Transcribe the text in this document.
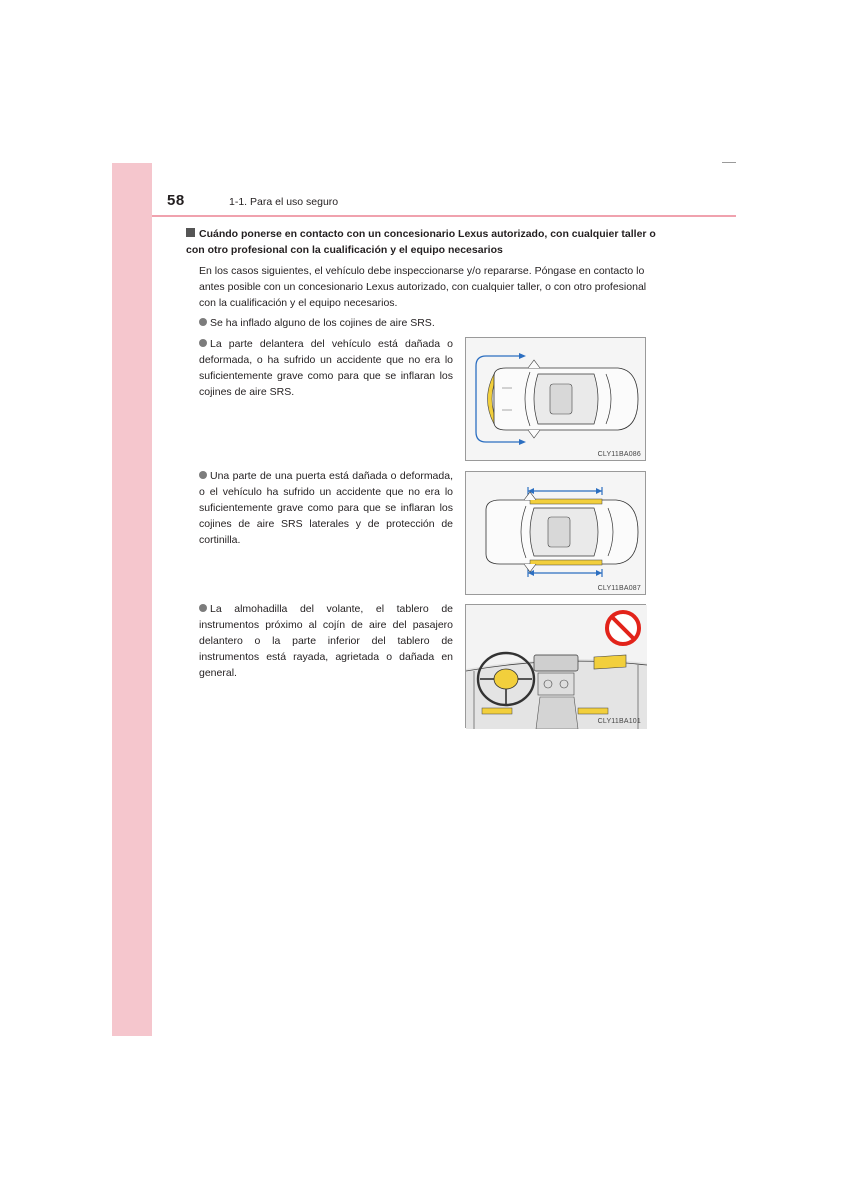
58	1-1. Para el uso seguro
Cuándo ponerse en contacto con un concesionario Lexus autorizado, con cualquier taller o con otro profesional con la cualificación y el equipo necesarios
En los casos siguientes, el vehículo debe inspeccionarse y/o repararse. Póngase en contacto lo antes posible con un concesionario Lexus autorizado, con cualquier taller, o con otro profesional con la cualificación y el equipo necesarios.
Se ha inflado alguno de los cojines de aire SRS.
La parte delantera del vehículo está dañada o deformada, o ha sufrido un accidente que no era lo suficientemente grave como para que se inflaran los cojines de aire SRS.
Una parte de una puerta está dañada o deformada, o el vehículo ha sufrido un accidente que no era lo suficientemente grave como para que se inflaran los cojines de aire SRS laterales y de protección de cortinilla.
La almohadilla del volante, el tablero de instrumentos próximo al cojín de aire del pasajero delantero o la parte inferior del tablero de instrumentos está rayada, agrietada o dañada en general.
CLY11BA086
CLY11BA087
CLY11BA101
